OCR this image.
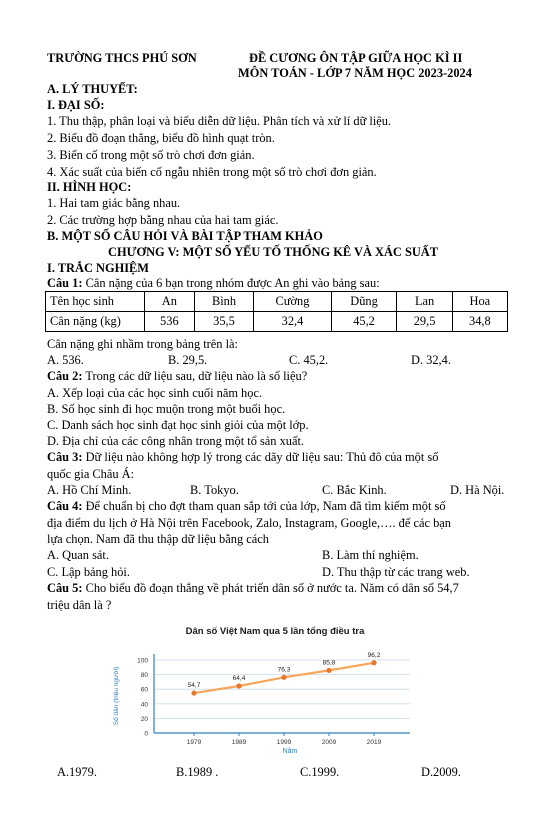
TRƯỜNG THCS PHÚ SƠN	ĐỀ CƯƠNG ÔN TẬP GIỮA HỌC KÌ II
MÔN TOÁN - LỚP 7 NĂM HỌC 2023-2024
A. LÝ THUYẾT:
I. ĐẠI SỐ:
1. Thu thập, phân loại và biểu diễn dữ liệu. Phân tích và xử lí dữ liệu.
2. Biểu đồ đoạn thẳng, biểu đồ hình quạt tròn.
3. Biến cố trong một số trò chơi đơn giản.
4. Xác suất của biến cố ngẫu nhiên trong một số trò chơi đơn giản.
II. HÌNH HỌC:
1. Hai tam giác bằng nhau.
2. Các trường hợp bằng nhau của hai tam giác.
B. MỘT SỐ CÂU HỎI VÀ BÀI TẬP THAM KHẢO
CHƯƠNG V: MỘT SỐ YẾU TỐ THỐNG KÊ VÀ XÁC SUẤT
I. TRẮC NGHIỆM
Câu 1: Cân nặng của 6 bạn trong nhóm được An ghi vào bảng sau:
Tên học sinh	An	Bình	Cường	Dũng	Lan	Hoa
Cân nặng (kg)	536	35,5	32,4	45,2	29,5	34,8
Cân nặng ghi nhầm trong bảng trên là:
A. 536.	B. 29,5.	C. 45,2.	D. 32,4.
Câu 2: Trong các dữ liệu sau, dữ liệu nào là số liệu?
A. Xếp loại của các học sinh cuối năm học.
B. Số học sinh đi học muộn trong một buổi học.
C. Danh sách học sinh đạt học sinh giỏi của một lớp.
D. Địa chỉ của các công nhân trong một tổ sản xuất.
Câu 3: Dữ liệu nào không hợp lý trong các dãy dữ liệu sau: Thủ đô của một số
quốc gia Châu Á:
A. Hồ Chí Minh.	B. Tokyo.	C. Bắc Kinh.	D. Hà Nội.
Câu 4: Để chuẩn bị cho đợt tham quan sắp tới của lớp, Nam đã tìm kiếm một số
địa điểm du lịch ở Hà Nội trên Facebook, Zalo, Instagram, Google,…. để các bạn
lựa chọn. Nam đã thu thập dữ liệu bằng cách
A. Quan sát.	B. Làm thí nghiệm.
C. Lập bảng hỏi.	D. Thu thập từ các trang web.
Câu 5: Cho biểu đồ đoạn thẳng về phát triển dân số ở nước ta. Năm có dân số 54,7
triệu dân là ?
Dân số Việt Nam qua 5 lần tổng điều tra
0
20
40
60
80
100
1979	1989	1999	2009	2019
54,7
64,4
76,3
85,8
96,2
Số dân (triệu người)
Năm
A.1979.	B.1989 .	C.1999.	D.2009.
